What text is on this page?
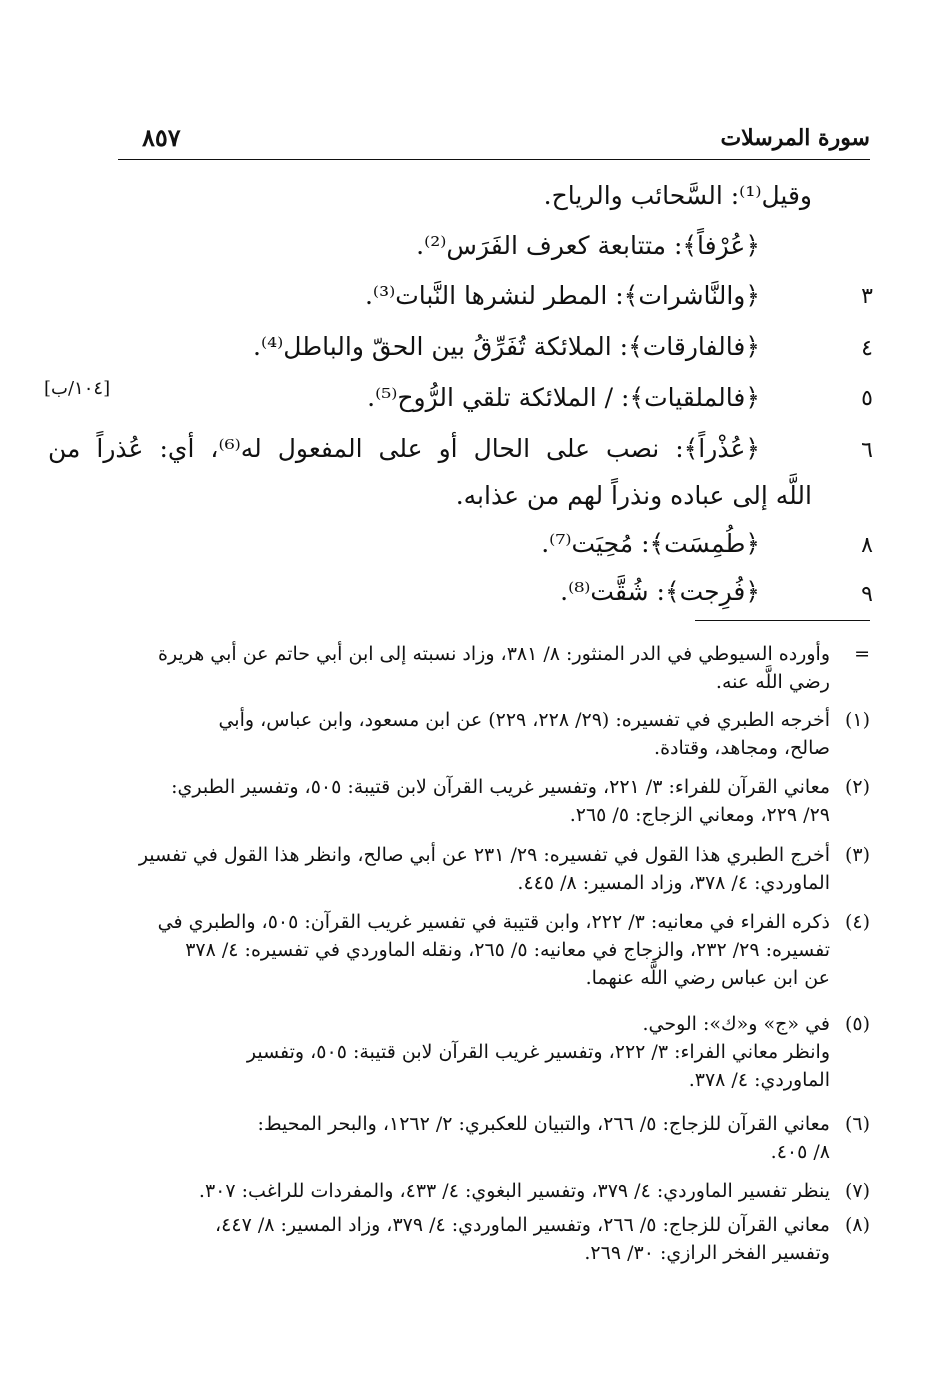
سورة المرسلات
٨٥٧
[١٠٤/ب]
وقيل⁽¹⁾: السَّحائب والرياح.
﴿عُرْفاً﴾: متتابعة كعرف الفَرَس⁽²⁾.
٣
﴿والنَّاشرات﴾: المطر لنشرها النَّبات⁽³⁾.
٤
﴿فالفارقات﴾: الملائكة تُفَرِّقُ بين الحقّ والباطل⁽⁴⁾.
٥
﴿فالملقيات﴾: / الملائكة تلقي الرُّوح⁽⁵⁾.
٦
﴿عُذْراً﴾: نصب على الحال أو على المفعول له⁽⁶⁾، أي: عُذراً من
اللَّه إلى عباده ونذراً لهم من عذابه.
٨
﴿طُمِسَت﴾: مُحِيَت⁽⁷⁾.
٩
﴿فُرِجت﴾: شُقَّت⁽⁸⁾.
=
وأورده السيوطي في الدر المنثور: ٨/ ٣٨١، وزاد نسبته إلى ابن أبي حاتم عن أبي هريرة
رضي اللَّه عنه.
(١)
أخرجه الطبري في تفسيره: (٢٩/ ٢٢٨، ٢٢٩) عن ابن مسعود، وابن عباس، وأبي
صالح، ومجاهد، وقتادة.
(٢)
معاني القرآن للفراء: ٣/ ٢٢١، وتفسير غريب القرآن لابن قتيبة: ٥٠٥، وتفسير الطبري:
٢٩/ ٢٢٩، ومعاني الزجاج: ٥/ ٢٦٥.
(٣)
أخرج الطبري هذا القول في تفسيره: ٢٩/ ٢٣١ عن أبي صالح، وانظر هذا القول في تفسير
الماوردي: ٤/ ٣٧٨، وزاد المسير: ٨/ ٤٤٥.
(٤)
ذكره الفراء في معانيه: ٣/ ٢٢٢، وابن قتيبة في تفسير غريب القرآن: ٥٠٥، والطبري في
تفسيره: ٢٩/ ٢٣٢، والزجاج في معانيه: ٥/ ٢٦٥، ونقله الماوردي في تفسيره: ٤/ ٣٧٨
عن ابن عباس رضي اللَّه عنهما.
(٥)
في «ج» و«ك»: الوحي.
وانظر معاني الفراء: ٣/ ٢٢٢، وتفسير غريب القرآن لابن قتيبة: ٥٠٥، وتفسير
الماوردي: ٤/ ٣٧٨.
(٦)
معاني القرآن للزجاج: ٥/ ٢٦٦، والتبيان للعكبري: ٢/ ١٢٦٢، والبحر المحيط:
٨/ ٤٠٥.
(٧)
ينظر تفسير الماوردي: ٤/ ٣٧٩، وتفسير البغوي: ٤/ ٤٣٣، والمفردات للراغب: ٣٠٧.
(٨)
معاني القرآن للزجاج: ٥/ ٢٦٦، وتفسير الماوردي: ٤/ ٣٧٩، وزاد المسير: ٨/ ٤٤٧،
وتفسير الفخر الرازي: ٣٠/ ٢٦٩.
